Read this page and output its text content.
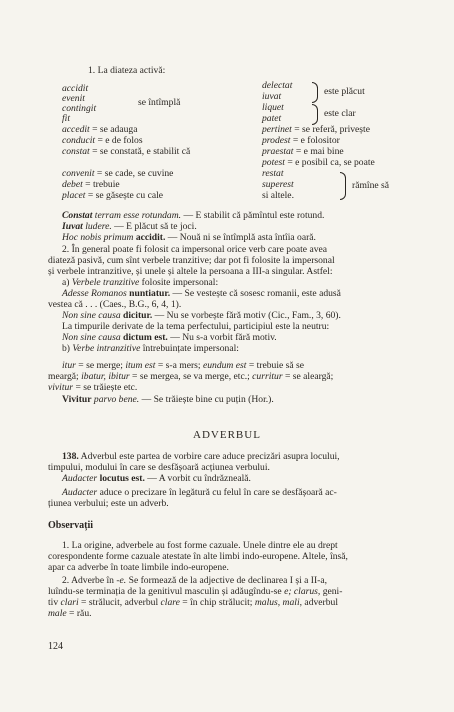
1. La diateza activă:
accidit
evenit
contingit
fit
se întîmplă
accedit = se adauga
conducit = e de folos
constat = se constată, e stabilit că
convenit = se cade, se cuvine
debet = trebuie
placet = se găsește cu cale
delectat
iuvat	este plăcut
liquet
patet	este clar
pertinet = se referă, privește
prodest = e folositor
praestat = e mai bine
potest = e posibil ca, se poate
restat
superest
si altele.
rămîne să
Constat terram esse rotundam. — E stabilit că pămîntul este rotund.
Iuvat ludere. — E plăcut să te joci.
Hoc nobis primum accidit. — Nouă ni se întîmplă asta întîia oară.
2. În general poate fi folosit ca impersonal orice verb care poate avea
diateză pasivă, cum sînt verbele tranzitive; dar pot fi folosite la impersonal
și verbele intranzitive, și unele și altele la persoana a III-a singular. Astfel:
a) Verbele tranzitive folosite impersonal:
Adesse Romanos nuntiatur. — Se vestește că sosesc romanii, este adusă
vestea că . . . (Caes., B.G., 6, 4, 1).
Non sine causa dicitur. — Nu se vorbește fără motiv (Cic., Fam., 3, 60).
La timpurile derivate de la tema perfectului, participiul este la neutru:
Non sine causa dictum est. — Nu s-a vorbit fără motiv.
b) Verbe intranzitive întrebuințate impersonal:
itur = se merge; itum est = s-a mers; eundum est = trebuie să se
meargă; ibatur, ibitur = se mergea, se va merge, etc.; curritur = se aleargă;
vivitur = se trăiește etc.
Vivitur parvo bene. — Se trăiește bine cu puțin (Hor.).
ADVERBUL
138. Adverbul este partea de vorbire care aduce precizări asupra locului,
timpului, modului în care se desfășoară acțiunea verbului.
Audacter locutus est. — A vorbit cu îndrăzneală.
Audacter aduce o precizare în legătură cu felul în care se desfășoară ac-
țiunea verbului; este un adverb.
Observații
1. La origine, adverbele au fost forme cazuale. Unele dintre ele au drept
corespondente forme cazuale atestate în alte limbi indo-europene. Altele, însă,
apar ca adverbe în toate limbile indo-europene.
2. Adverbe în -e. Se formează de la adjective de declinarea I și a II-a,
luîndu-se terminația de la genitivul masculin și adăugîndu-se e; clarus, geni-
tiv clari = strălucit, adverbul clare = în chip strălucit; malus, mali, adverbul
male = rău.
124
